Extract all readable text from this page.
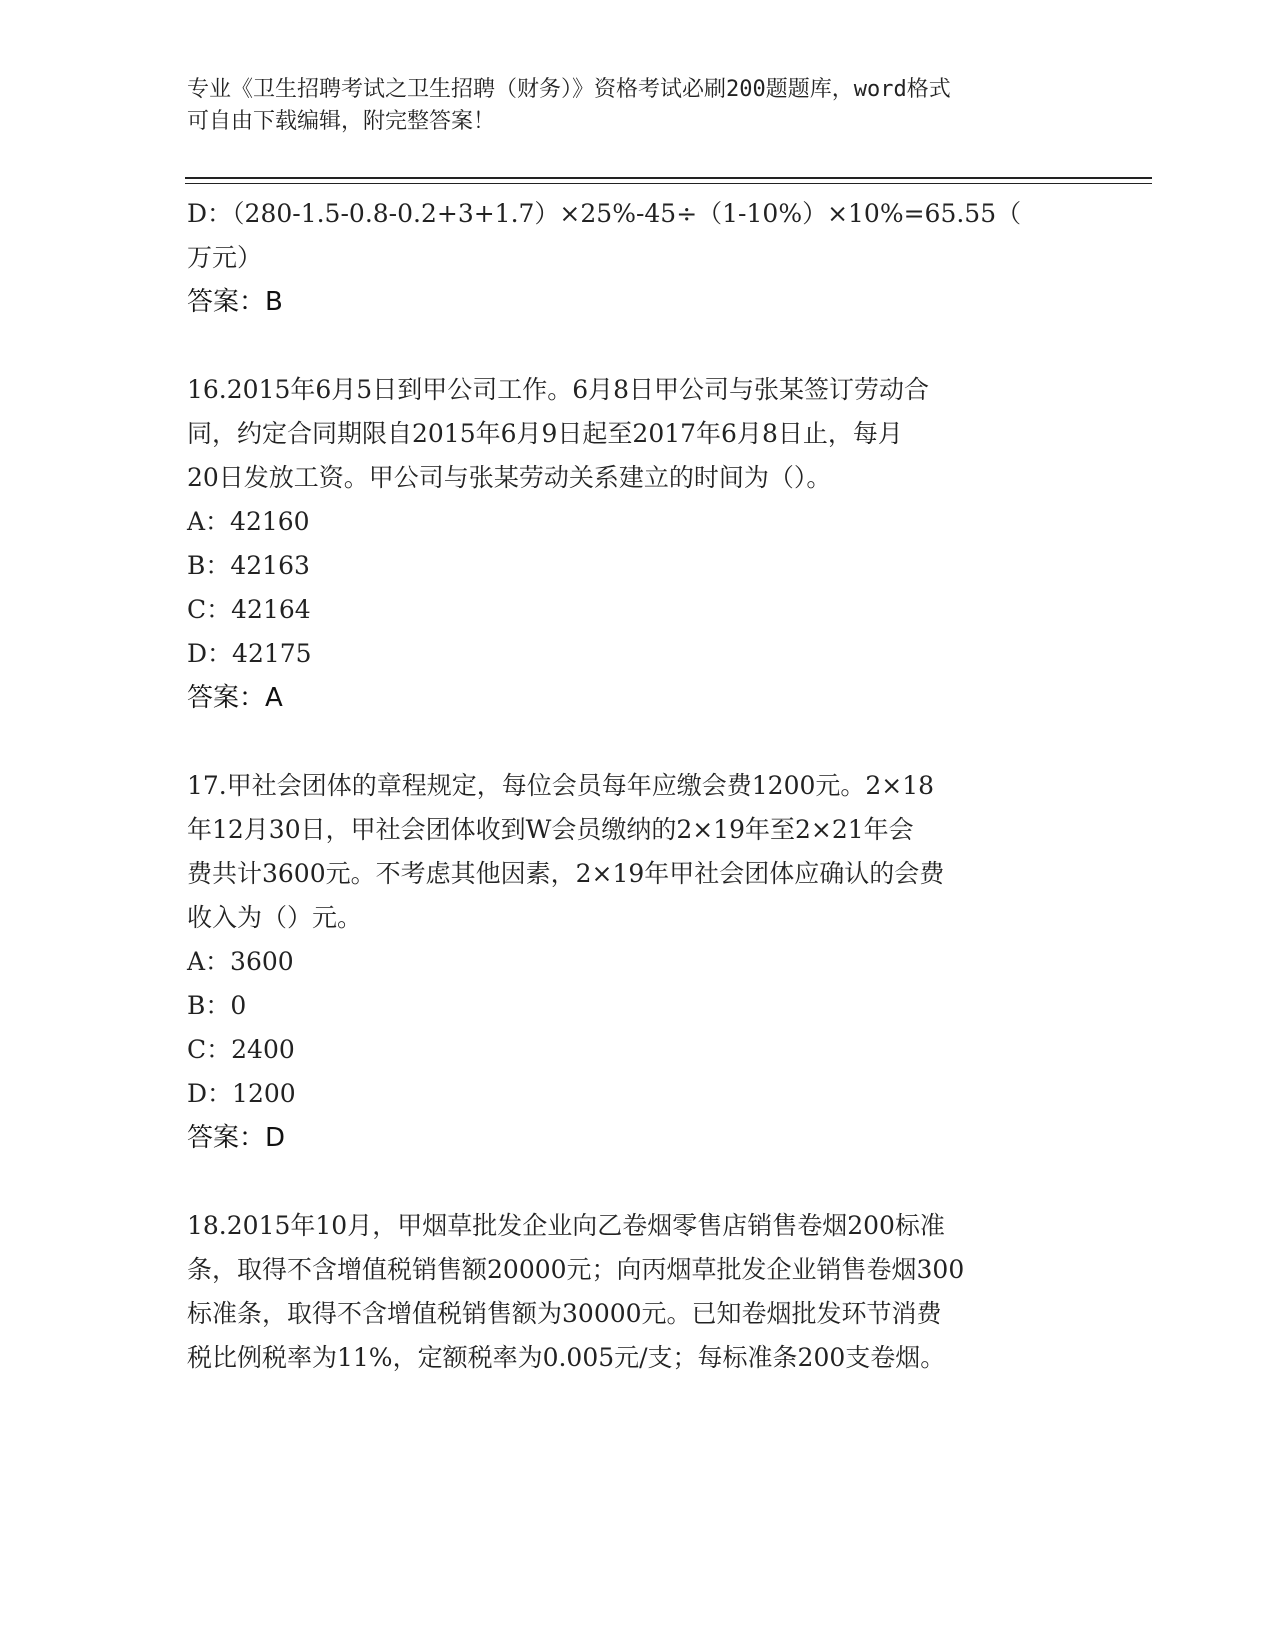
专业《卫生招聘考试之卫生招聘（财务）》资格考试必刷200题题库，word格式
可自由下载编辑，附完整答案！
D：（280-1.5-0.8-0.2+3+1.7）×25%-45÷（1-10%）×10%=65.55（
万元）
答案：B
16.2015年6月5日到甲公司工作。6月8日甲公司与张某签订劳动合
同，约定合同期限自2015年6月9日起至2017年6月8日止，每月
20日发放工资。甲公司与张某劳动关系建立的时间为（）。
A：42160
B：42163
C：42164
D：42175
答案：A
17.甲社会团体的章程规定，每位会员每年应缴会费1200元。2×18
年12月30日，甲社会团体收到W会员缴纳的2×19年至2×21年会
费共计3600元。不考虑其他因素，2×19年甲社会团体应确认的会费
收入为（）元。
A：3600
B：0
C：2400
D：1200
答案：D
18.2015年10月，甲烟草批发企业向乙卷烟零售店销售卷烟200标准
条，取得不含增值税销售额20000元；向丙烟草批发企业销售卷烟300
标准条，取得不含增值税销售额为30000元。已知卷烟批发环节消费
税比例税率为11%，定额税率为0.005元/支；每标准条200支卷烟。
